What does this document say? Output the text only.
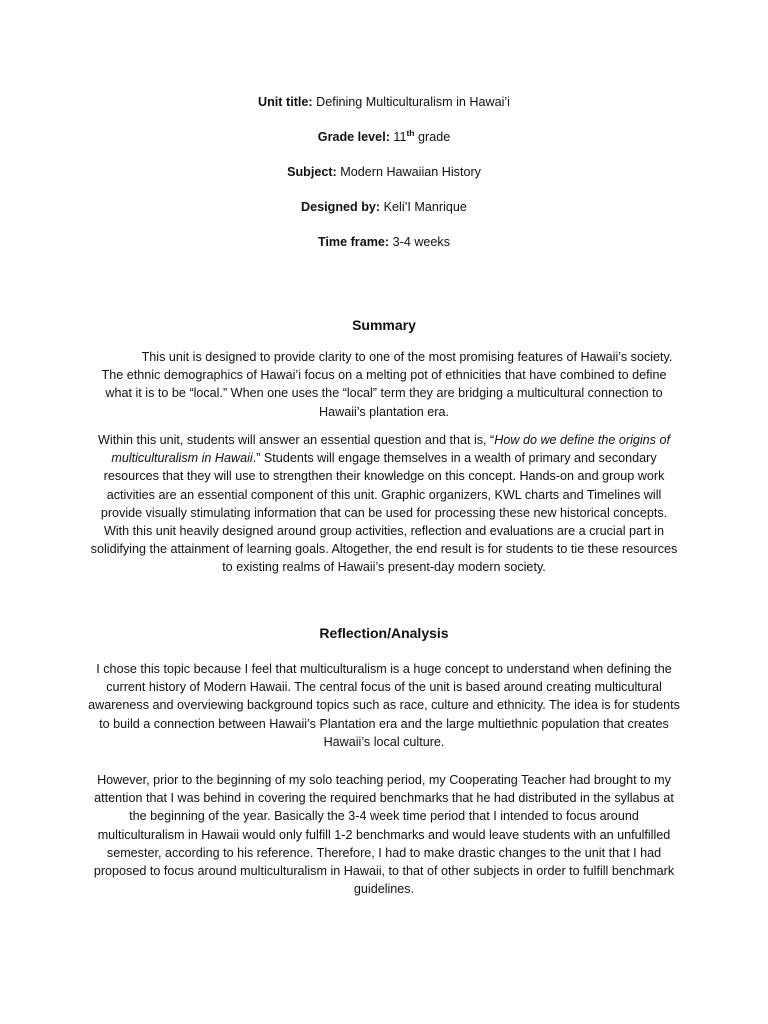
Unit title: Defining Multiculturalism in Hawai’i
Grade level: 11th grade
Subject: Modern Hawaiian History
Designed by: Keli’I Manrique
Time frame: 3-4 weeks
Summary

This unit is designed to provide clarity to one of the most promising features of Hawaii’s society. The ethnic demographics of Hawai’i focus on a melting pot of ethnicities that have combined to define what it is to be “local.” When one uses the “local” term they are bridging a multicultural connection to Hawaii’s plantation era.

Within this unit, students will answer an essential question and that is, “How do we define the origins of multiculturalism in Hawaii.” Students will engage themselves in a wealth of primary and secondary resources that they will use to strengthen their knowledge on this concept. Hands-on and group work activities are an essential component of this unit. Graphic organizers, KWL charts and Timelines will provide visually stimulating information that can be used for processing these new historical concepts. With this unit heavily designed around group activities, reflection and evaluations are a crucial part in solidifying the attainment of learning goals. Altogether, the end result is for students to tie these resources to existing realms of Hawaii’s present-day modern society.

Reflection/Analysis

I chose this topic because I feel that multiculturalism is a huge concept to understand when defining the current history of Modern Hawaii. The central focus of the unit is based around creating multicultural awareness and overviewing background topics such as race, culture and ethnicity. The idea is for students to build a connection between Hawaii’s Plantation era and the large multiethnic population that creates Hawaii’s local culture.

However, prior to the beginning of my solo teaching period, my Cooperating Teacher had brought to my attention that I was behind in covering the required benchmarks that he had distributed in the syllabus at the beginning of the year. Basically the 3-4 week time period that I intended to focus around multiculturalism in Hawaii would only fulfill 1-2 benchmarks and would leave students with an unfulfilled semester, according to his reference. Therefore, I had to make drastic changes to the unit that I had proposed to focus around multiculturalism in Hawaii, to that of other subjects in order to fulfill benchmark guidelines.
